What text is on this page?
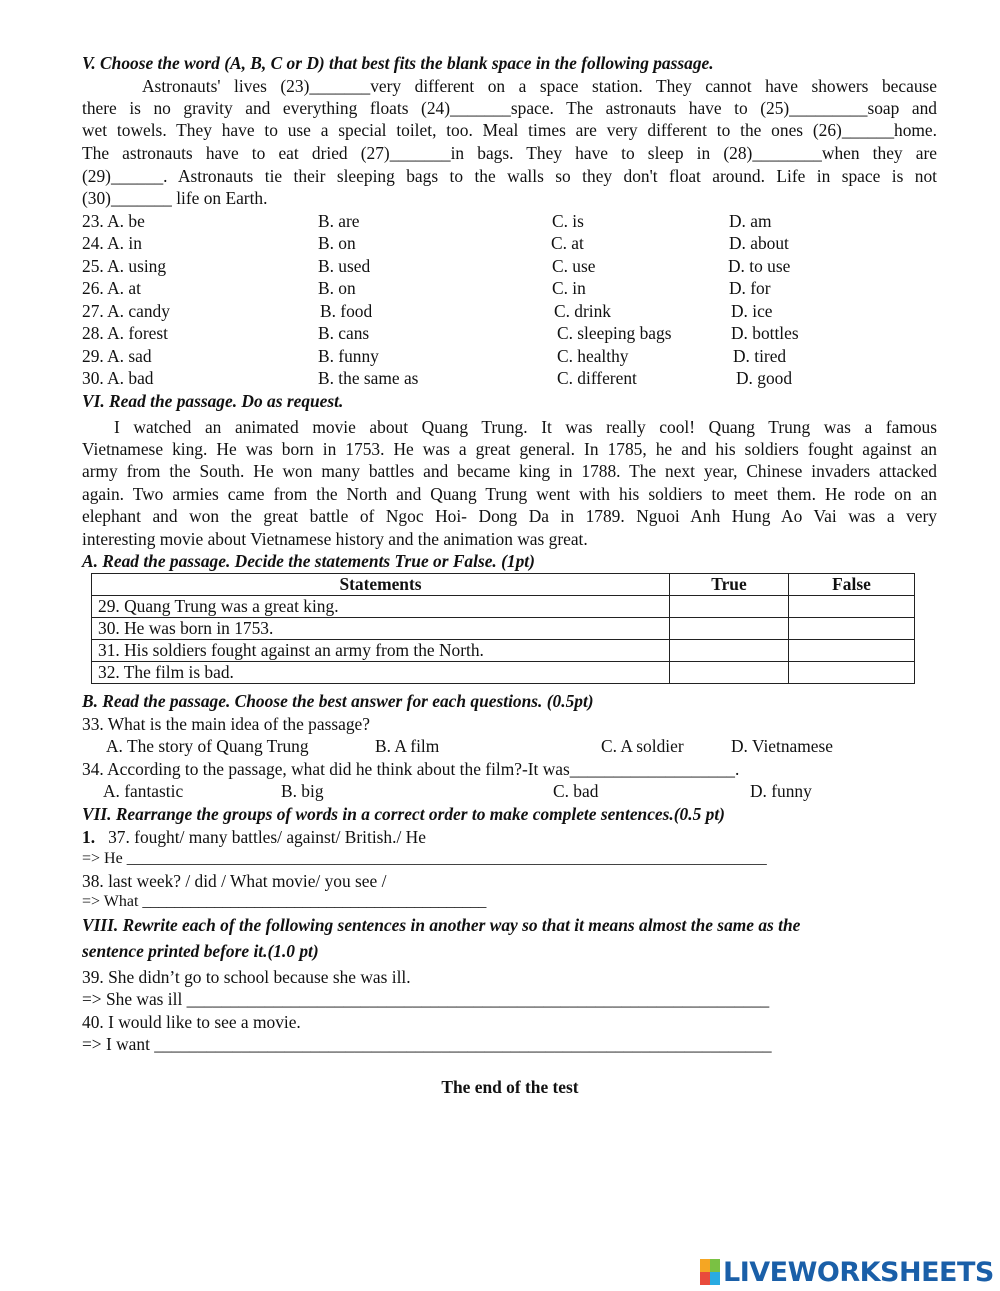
V. Choose the word (A, B, C or D) that best fits the blank space in the following passage.
Astronauts' lives (23)_______very different on a space station. They cannot have showers because
there is no gravity and everything floats (24)_______space. The astronauts have to (25)_________soap and
wet towels. They have to use a special toilet, too. Meal times are very different to the ones (26)______home.
The astronauts have to eat dried (27)_______in bags. They have to sleep in (28)________when they are
(29)______. Astronauts tie their sleeping bags to the walls so they don't float around. Life in space is not
(30)_______ life on Earth.
23. A. be	B. are	C. is	D. am
24. A. in	B. on	C. at	D. about
25. A. using	B. used	C. use	D. to use
26. A. at	B. on	C. in	D. for
27. A. candy	B. food	C. drink	D. ice
28. A. forest	B. cans	C. sleeping bags	D. bottles
29. A. sad	B. funny	C. healthy	D. tired
30. A. bad	B. the same as	C. different	D. good
VI. Read the passage. Do as request.
I watched an animated movie about Quang Trung. It was really cool! Quang Trung was a famous
Vietnamese king. He was born in 1753. He was a great general. In 1785, he and his soldiers fought against an
army from the South. He won many battles and became king in 1788. The next year, Chinese invaders attacked
again. Two armies came from the North and Quang Trung went with his soldiers to meet them. He rode on an
elephant and won the great battle of Ngoc Hoi- Dong Da in 1789. Nguoi Anh Hung Ao Vai was a very
interesting movie about Vietnamese history and the animation was great.
A. Read the passage. Decide the statements True or False. (1pt)
Statements	True	False
29. Quang Trung was a great king.		
30. He was born in 1753.		
31. His soldiers fought against an army from the North.		
32. The film is bad.		
B. Read the passage. Choose the best answer for each questions. (0.5pt)
33. What is the main idea of the passage?
A. The story of Quang Trung	B. A film	C. A soldier	D. Vietnamese
34. According to the passage, what did he think about the film?-It was___________________.
A. fantastic	B. big	C. bad	D. funny
VII. Rearrange the groups of words in a correct order to make complete sentences.(0.5 pt)
1. 37. fought/ many battles/ against/ British./ He
=> He ________________________________________________________________________________
38. last week? / did / What movie/ you see /
=> What ___________________________________________
VIII. Rewrite each of the following sentences in another way so that it means almost the same as the
sentence printed before it.(1.0 pt)
39. She didn’t go to school because she was ill.
=> She was ill ___________________________________________________________________
40. I would like to see a movie.
=> I want _______________________________________________________________________
The end of the test
LIVEWORKSHEETS
